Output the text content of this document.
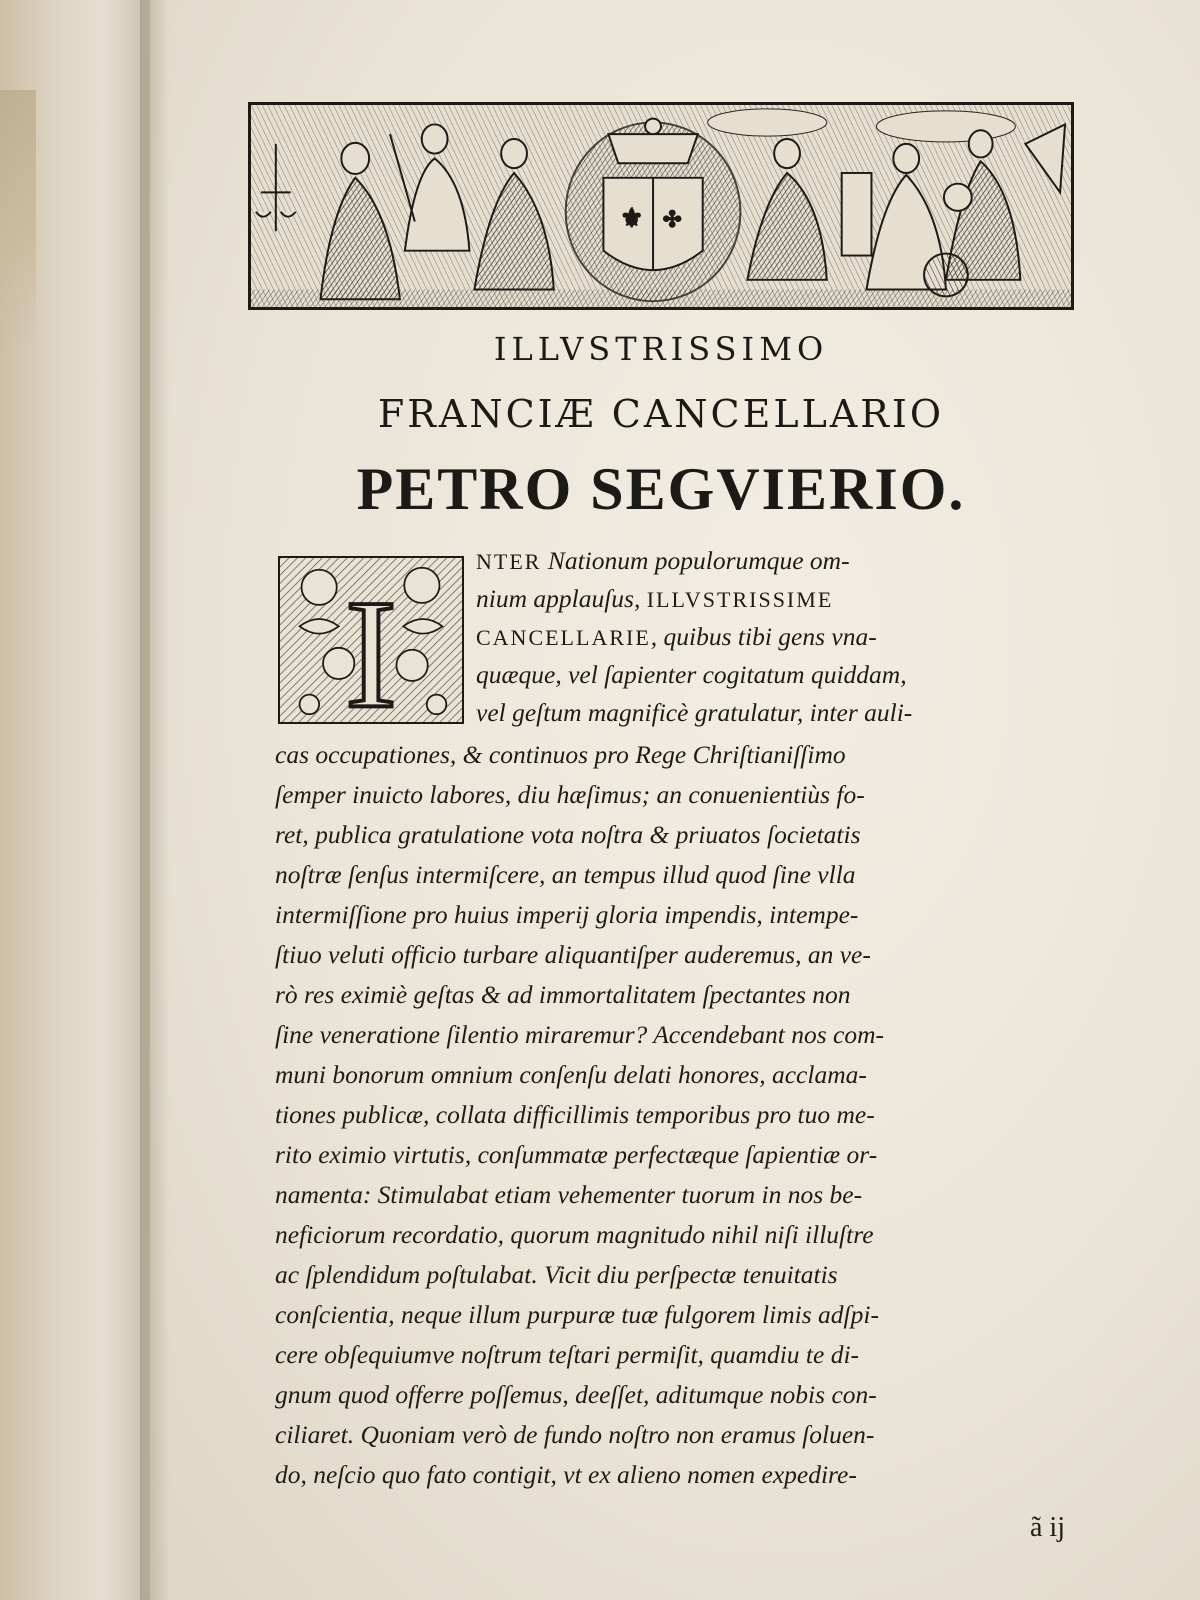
⚜ ✣
ILLVSTRISSIMO
FRANCIÆ CANCELLARIO
PETRO SEGVIERIO.
I
NTER Nationum populorumque om-
nium applauſus, ILLVSTRISSIME
CANCELLARIE, quibus tibi gens vna-
quæque, vel ſapienter cogitatum quiddam,
vel geſtum magnificè gratulatur, inter auli-
cas occupationes, & continuos pro Rege Chriſtianiſſimo
ſemper inuicto labores, diu hæſimus; an conuenientiùs fo-
ret, publica gratulatione vota noſtra & priuatos ſocietatis
noſtræ ſenſus intermiſcere, an tempus illud quod ſine vlla
intermiſſione pro huius imperij gloria impendis, intempe-
ſtiuo veluti officio turbare aliquantiſper auderemus, an ve-
rò res eximiè geſtas & ad immortalitatem ſpectantes non
ſine veneratione ſilentio miraremur? Accendebant nos com-
muni bonorum omnium conſenſu delati honores, acclama-
tiones publicæ, collata difficillimis temporibus pro tuo me-
rito eximio virtutis, conſummatæ perfectæque ſapientiæ or-
namenta: Stimulabat etiam vehementer tuorum in nos be-
neficiorum recordatio, quorum magnitudo nihil niſi illuſtre
ac ſplendidum poſtulabat. Vicit diu perſpectæ tenuitatis
conſcientia, neque illum purpuræ tuæ fulgorem limis adſpi-
cere obſequiumve noſtrum teſtari permiſit, quamdiu te di-
gnum quod offerre poſſemus, deeſſet, aditumque nobis con-
ciliaret. Quoniam verò de fundo noſtro non eramus ſoluen-
do, neſcio quo fato contigit, vt ex alieno nomen expedire-
ã ij
